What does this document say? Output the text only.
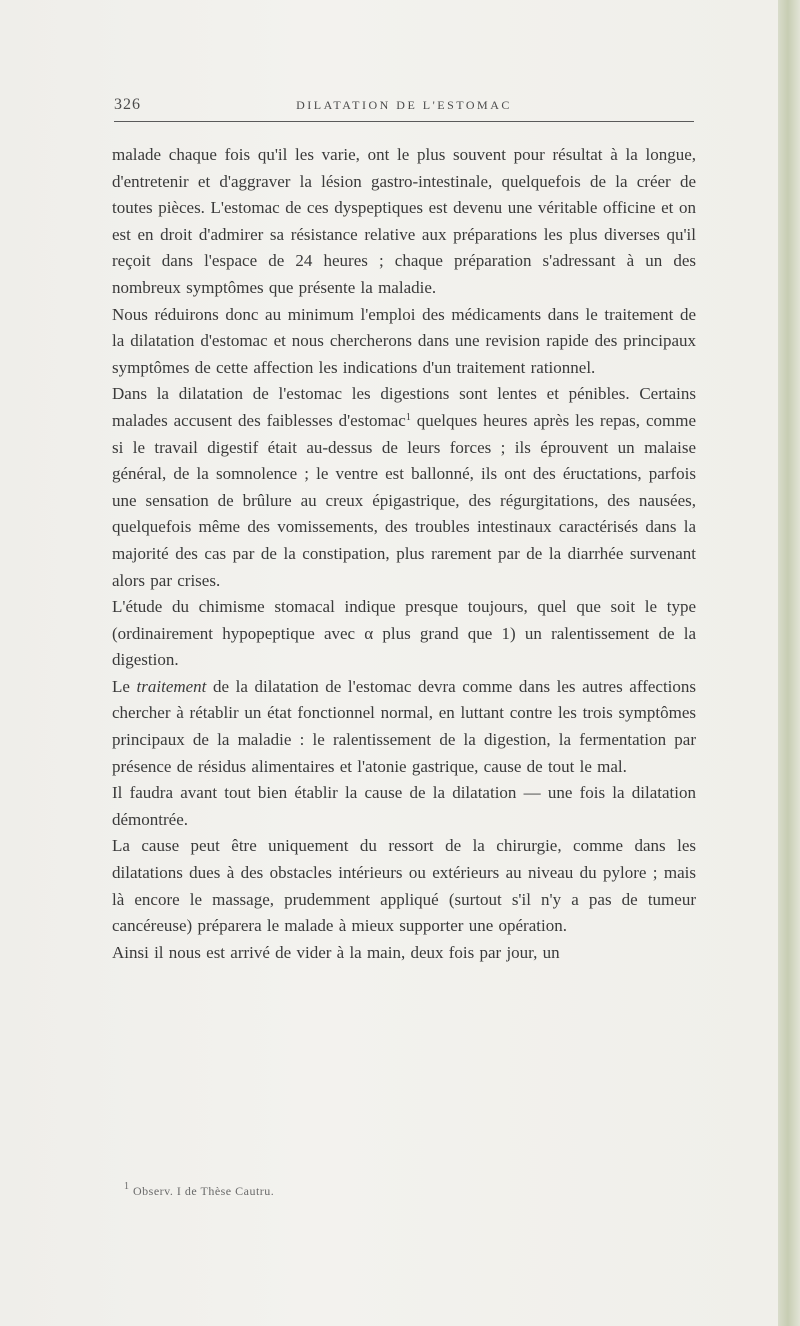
326	DILATATION DE L'ESTOMAC

malade chaque fois qu'il les varie, ont le plus souvent pour résultat à la longue, d'entretenir et d'aggraver la lésion gastro-intestinale, quelquefois de la créer de toutes pièces. L'estomac de ces dyspeptiques est devenu une véritable officine et on est en droit d'admirer sa résistance relative aux préparations les plus diverses qu'il reçoit dans l'espace de 24 heures ; chaque préparation s'adressant à un des nombreux symptômes que présente la maladie.

Nous réduirons donc au minimum l'emploi des médicaments dans le traitement de la dilatation d'estomac et nous chercherons dans une revision rapide des principaux symptômes de cette affection les indications d'un traitement rationnel.

Dans la dilatation de l'estomac les digestions sont lentes et pénibles. Certains malades accusent des faiblesses d'estomac$^1$ quelques heures après les repas, comme si le travail digestif était au-dessus de leurs forces ; ils éprouvent un malaise général, de la somnolence ; le ventre est ballonné, ils ont des éructations, parfois une sensation de brûlure au creux épigastrique, des régurgitations, des nausées, quelquefois même des vomissements, des troubles intestinaux caractérisés dans la majorité des cas par de la constipation, plus rarement par de la diarrhée survenant alors par crises.

L'étude du chimisme stomacal indique presque toujours, quel que soit le type (ordinairement hypopeptique avec α plus grand que 1) un ralentissement de la digestion.

Le traitement de la dilatation de l'estomac devra comme dans les autres affections chercher à rétablir un état fonctionnel normal, en luttant contre les trois symptômes principaux de la maladie : le ralentissement de la digestion, la fermentation par présence de résidus alimentaires et l'atonie gastrique, cause de tout le mal.

Il faudra avant tout bien établir la cause de la dilatation — une fois la dilatation démontrée.

La cause peut être uniquement du ressort de la chirurgie, comme dans les dilatations dues à des obstacles intérieurs ou extérieurs au niveau du pylore ; mais là encore le massage, prudemment appliqué (surtout s'il n'y a pas de tumeur cancéreuse) préparera le malade à mieux supporter une opération.

Ainsi il nous est arrivé de vider à la main, deux fois par jour, un

$^1$ Observ. I de Thèse Cautru.
